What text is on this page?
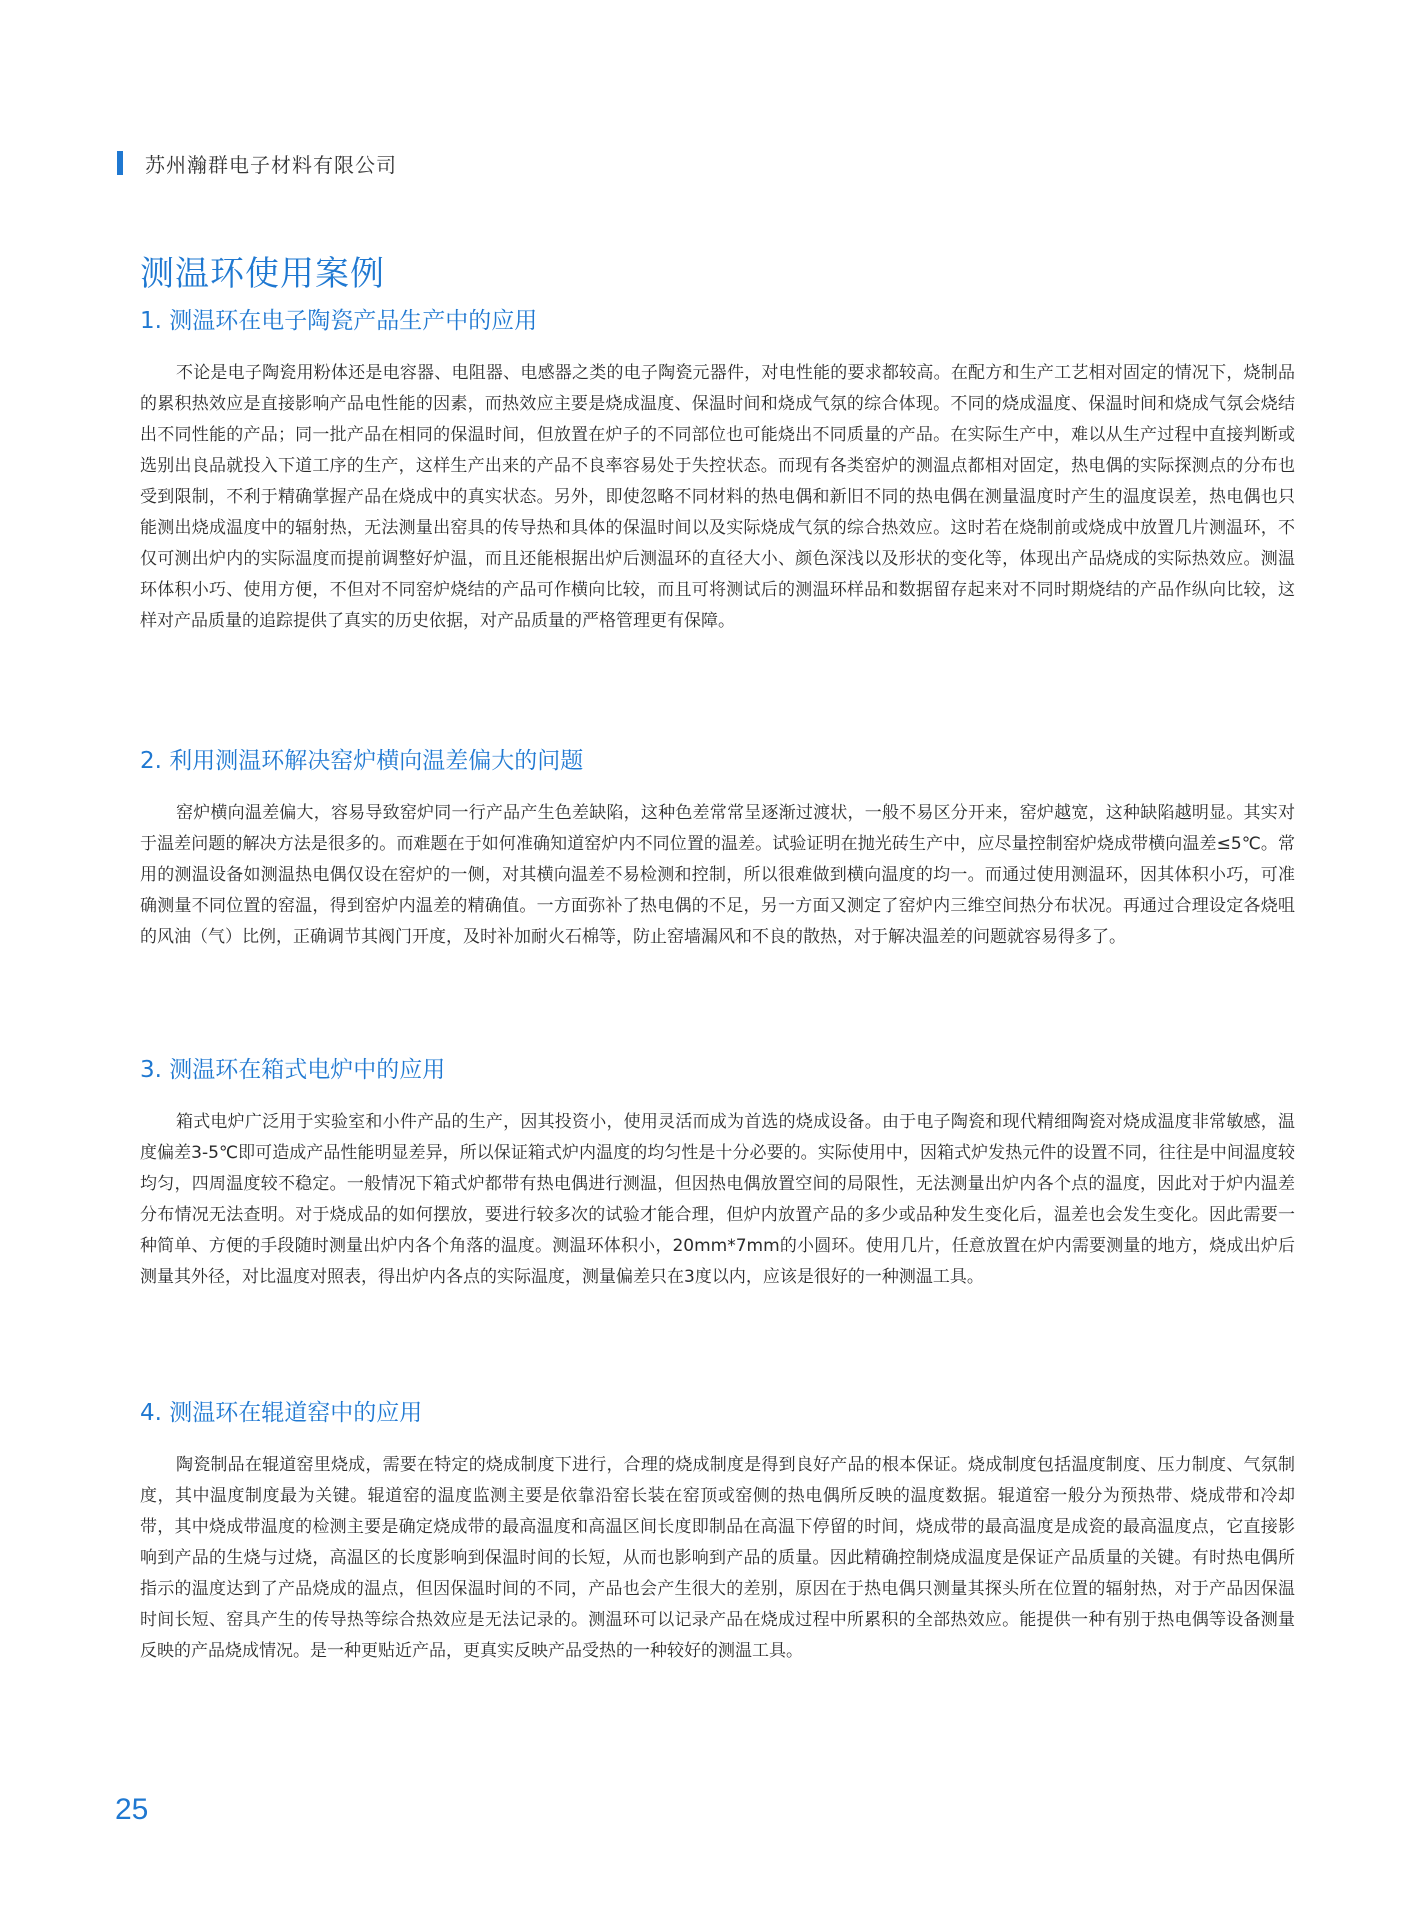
苏州瀚群电子材料有限公司
测温环使用案例
1. 测温环在电子陶瓷产品生产中的应用

不论是电子陶瓷用粉体还是电容器、电阻器、电感器之类的电子陶瓷元器件，对电性能的要求都较高。在配方和生产工艺相对固定的情况下，烧制品的累积热效应是直接影响产品电性能的因素，而热效应主要是烧成温度、保温时间和烧成气氛的综合体现。不同的烧成温度、保温时间和烧成气氛会烧结出不同性能的产品；同一批产品在相同的保温时间，但放置在炉子的不同部位也可能烧出不同质量的产品。在实际生产中，难以从生产过程中直接判断或选别出良品就投入下道工序的生产，这样生产出来的产品不良率容易处于失控状态。而现有各类窑炉的测温点都相对固定，热电偶的实际探测点的分布也受到限制，不利于精确掌握产品在烧成中的真实状态。另外，即使忽略不同材料的热电偶和新旧不同的热电偶在测量温度时产生的温度误差，热电偶也只能测出烧成温度中的辐射热，无法测量出窑具的传导热和具体的保温时间以及实际烧成气氛的综合热效应。这时若在烧制前或烧成中放置几片测温环，不仅可测出炉内的实际温度而提前调整好炉温，而且还能根据出炉后测温环的直径大小、颜色深浅以及形状的变化等，体现出产品烧成的实际热效应。测温环体积小巧、使用方便，不但对不同窑炉烧结的产品可作横向比较，而且可将测试后的测温环样品和数据留存起来对不同时期烧结的产品作纵向比较，这样对产品质量的追踪提供了真实的历史依据，对产品质量的严格管理更有保障。

2. 利用测温环解决窑炉横向温差偏大的问题

窑炉横向温差偏大，容易导致窑炉同一行产品产生色差缺陷，这种色差常常呈逐渐过渡状，一般不易区分开来，窑炉越宽，这种缺陷越明显。其实对于温差问题的解决方法是很多的。而难题在于如何准确知道窑炉内不同位置的温差。试验证明在抛光砖生产中，应尽量控制窑炉烧成带横向温差≤5℃。常用的测温设备如测温热电偶仅设在窑炉的一侧，对其横向温差不易检测和控制，所以很难做到横向温度的均一。而通过使用测温环，因其体积小巧，可准确测量不同位置的窑温，得到窑炉内温差的精确值。一方面弥补了热电偶的不足，另一方面又测定了窑炉内三维空间热分布状况。再通过合理设定各烧咀的风油（气）比例，正确调节其阀门开度，及时补加耐火石棉等，防止窑墙漏风和不良的散热，对于解决温差的问题就容易得多了。

3. 测温环在箱式电炉中的应用

箱式电炉广泛用于实验室和小件产品的生产，因其投资小，使用灵活而成为首选的烧成设备。由于电子陶瓷和现代精细陶瓷对烧成温度非常敏感，温度偏差3-5℃即可造成产品性能明显差异，所以保证箱式炉内温度的均匀性是十分必要的。实际使用中，因箱式炉发热元件的设置不同，往往是中间温度较均匀，四周温度较不稳定。一般情况下箱式炉都带有热电偶进行测温，但因热电偶放置空间的局限性，无法测量出炉内各个点的温度，因此对于炉内温差分布情况无法查明。对于烧成品的如何摆放，要进行较多次的试验才能合理，但炉内放置产品的多少或品种发生变化后，温差也会发生变化。因此需要一种简单、方便的手段随时测量出炉内各个角落的温度。测温环体积小，20mm*7mm的小圆环。使用几片，任意放置在炉内需要测量的地方，烧成出炉后测量其外径，对比温度对照表，得出炉内各点的实际温度，测量偏差只在3度以内，应该是很好的一种测温工具。

4. 测温环在辊道窑中的应用

陶瓷制品在辊道窑里烧成，需要在特定的烧成制度下进行，合理的烧成制度是得到良好产品的根本保证。烧成制度包括温度制度、压力制度、气氛制度，其中温度制度最为关键。辊道窑的温度监测主要是依靠沿窑长装在窑顶或窑侧的热电偶所反映的温度数据。辊道窑一般分为预热带、烧成带和冷却带，其中烧成带温度的检测主要是确定烧成带的最高温度和高温区间长度即制品在高温下停留的时间，烧成带的最高温度是成瓷的最高温度点，它直接影响到产品的生烧与过烧，高温区的长度影响到保温时间的长短，从而也影响到产品的质量。因此精确控制烧成温度是保证产品质量的关键。有时热电偶所指示的温度达到了产品烧成的温点，但因保温时间的不同，产品也会产生很大的差别，原因在于热电偶只测量其探头所在位置的辐射热，对于产品因保温时间长短、窑具产生的传导热等综合热效应是无法记录的。测温环可以记录产品在烧成过程中所累积的全部热效应。能提供一种有别于热电偶等设备测量反映的产品烧成情况。是一种更贴近产品，更真实反映产品受热的一种较好的测温工具。

25
